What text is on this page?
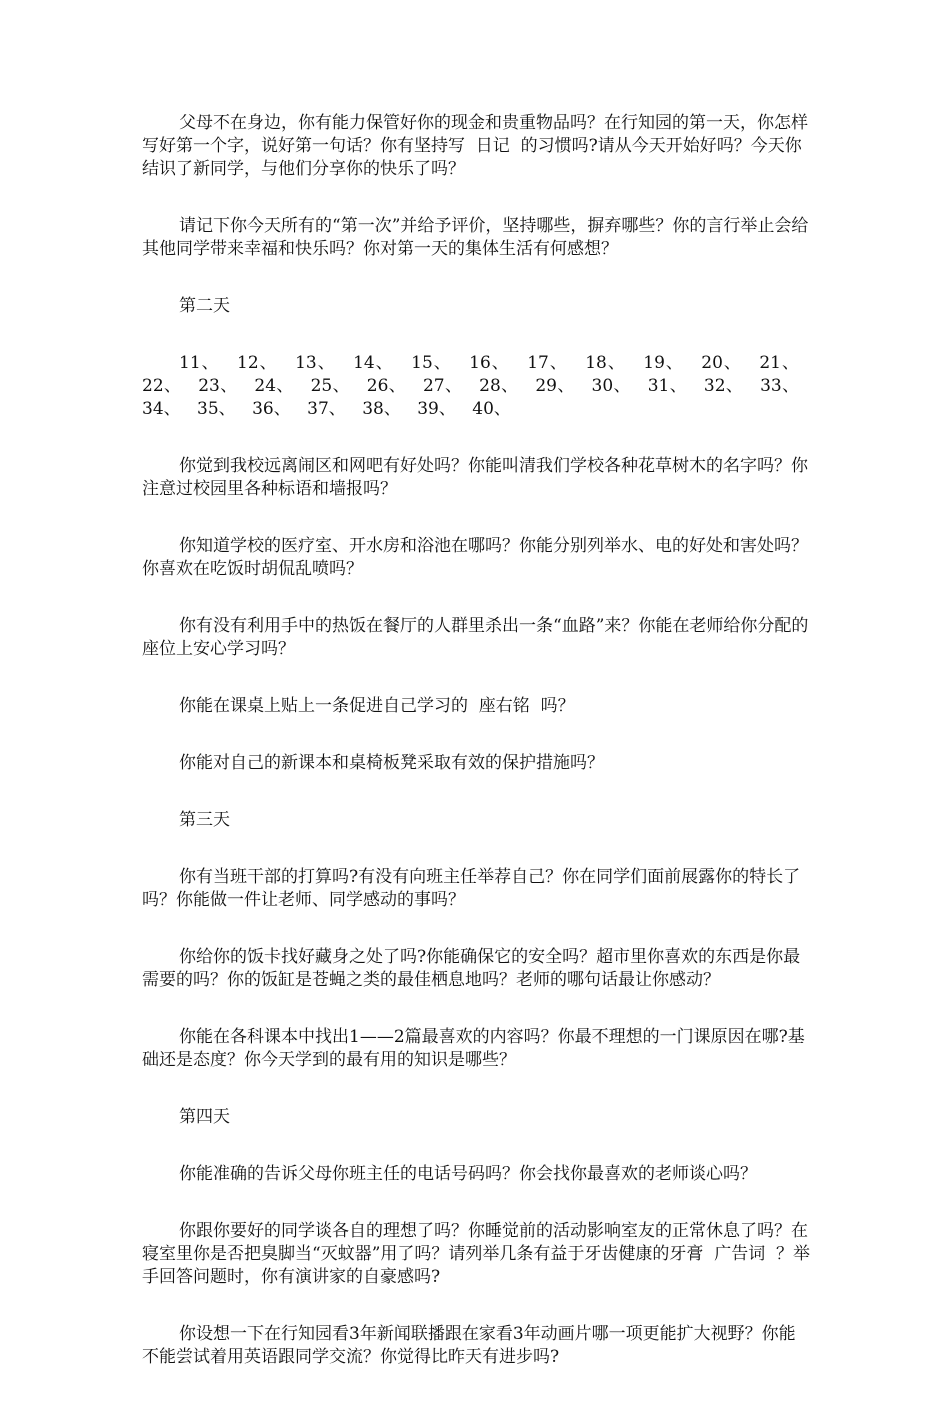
父母不在身边，你有能力保管好你的现金和贵重物品吗？在行知园的第一天，你怎样写好第一个字，说好第一句话？你有坚持写  日记  的习惯吗?请从今天开始好吗？今天你结识了新同学，与他们分享你的快乐了吗？

请记下你今天所有的“第一次”并给予评价，坚持哪些，摒弃哪些？你的言行举止会给其他同学带来幸福和快乐吗？你对第一天的集体生活有何感想？

第二天

11、 12、 13、 14、 15、 16、 17、 18、 19、 20、 21、 22、 23、 24、 25、 26、 27、 28、 29、 30、 31、 32、 33、 34、 35、 36、 37、 38、 39、 40、

你觉到我校远离闹区和网吧有好处吗？你能叫清我们学校各种花草树木的名字吗？你注意过校园里各种标语和墙报吗？

你知道学校的医疗室、开水房和浴池在哪吗？你能分别列举水、电的好处和害处吗？你喜欢在吃饭时胡侃乱喷吗？

你有没有利用手中的热饭在餐厅的人群里杀出一条“血路”来？你能在老师给你分配的座位上安心学习吗？

你能在课桌上贴上一条促进自己学习的  座右铭  吗？

你能对自己的新课本和桌椅板凳采取有效的保护措施吗？

第三天

你有当班干部的打算吗?有没有向班主任举荐自己？你在同学们面前展露你的特长了吗？你能做一件让老师、同学感动的事吗？

你给你的饭卡找好藏身之处了吗?你能确保它的安全吗？超市里你喜欢的东西是你最需要的吗？你的饭缸是苍蝇之类的最佳栖息地吗？老师的哪句话最让你感动？

你能在各科课本中找出1——2篇最喜欢的内容吗？你最不理想的一门课原因在哪?基础还是态度？你今天学到的最有用的知识是哪些？

第四天

你能准确的告诉父母你班主任的电话号码吗？你会找你最喜欢的老师谈心吗？

你跟你要好的同学谈各自的理想了吗？你睡觉前的活动影响室友的正常休息了吗？在寝室里你是否把臭脚当“灭蚊器”用了吗？请列举几条有益于牙齿健康的牙膏  广告词  ？举手回答问题时，你有演讲家的自豪感吗?

你设想一下在行知园看3年新闻联播跟在家看3年动画片哪一项更能扩大视野？你能不能尝试着用英语跟同学交流？你觉得比昨天有进步吗?
